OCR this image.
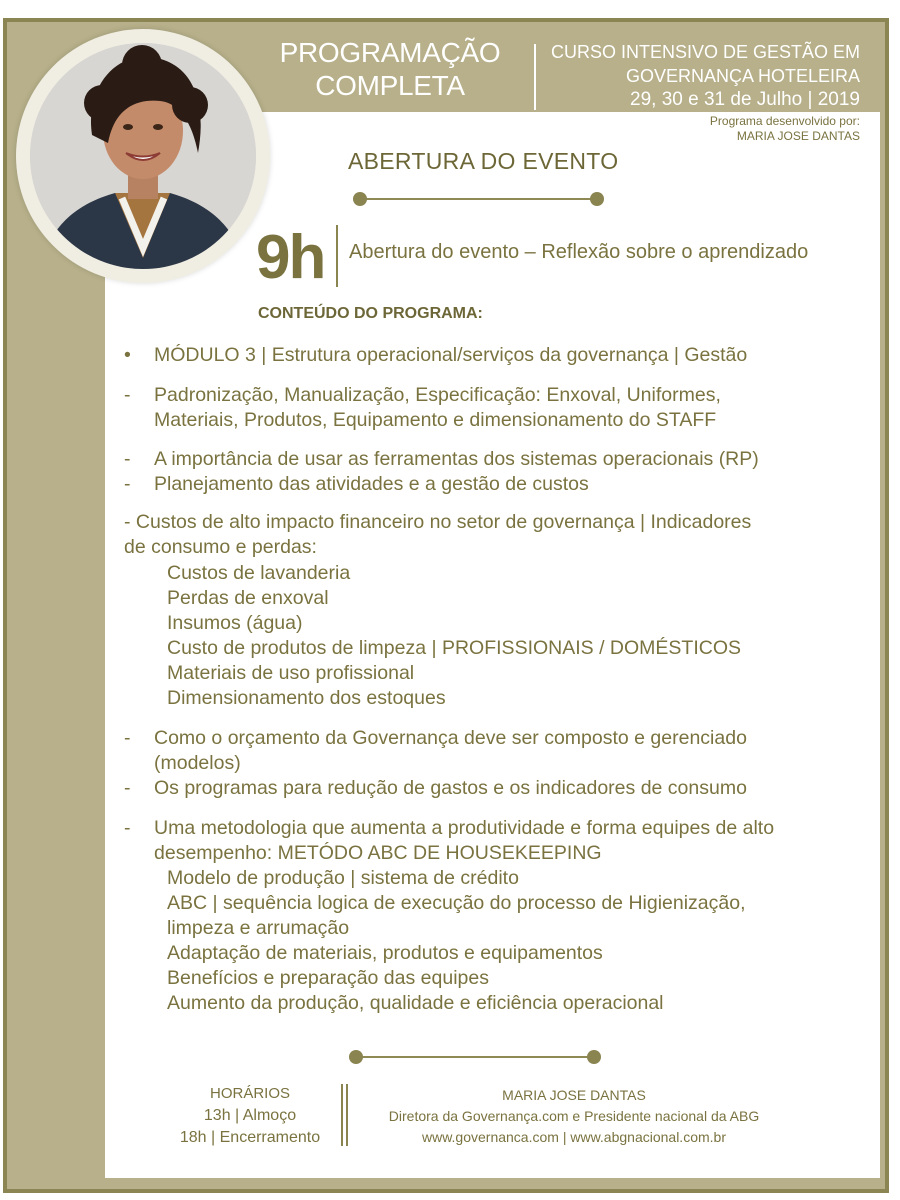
PROGRAMAÇÃO
COMPLETA
CURSO INTENSIVO DE GESTÃO EM
GOVERNANÇA HOTELEIRA
29, 30 e 31 de Julho | 2019
Programa desenvolvido por:
MARIA JOSE DANTAS
ABERTURA DO EVENTO
9h Abertura do evento – Reflexão sobre o aprendizado
CONTEÚDO DO PROGRAMA:
• MÓDULO 3 | Estrutura operacional/serviços da governança | Gestão
- Padronização, Manualização, Especificação: Enxoval, Uniformes,
Materiais, Produtos, Equipamento e dimensionamento do STAFF
- A importância de usar as ferramentas dos sistemas operacionais (RP)
- Planejamento das atividades e a gestão de custos
- Custos de alto impacto financeiro no setor de governança | Indicadores
de consumo e perdas:
Custos de lavanderia
Perdas de enxoval
Insumos (água)
Custo de produtos de limpeza | PROFISSIONAIS / DOMÉSTICOS
Materiais de uso profissional
Dimensionamento dos estoques
- Como o orçamento da Governança deve ser composto e gerenciado
(modelos)
- Os programas para redução de gastos e os indicadores de consumo
- Uma metodologia que aumenta a produtividade e forma equipes de alto
desempenho: METÓDO ABC DE HOUSEKEEPING
Modelo de produção | sistema de crédito
ABC | sequência logica de execução do processo de Higienização,
limpeza e arrumação
Adaptação de materiais, produtos e equipamentos
Benefícios e preparação das equipes
Aumento da produção, qualidade e eficiência operacional
HORÁRIOS
13h | Almoço
18h | Encerramento
MARIA JOSE DANTAS
Diretora da Governança.com e Presidente nacional da ABG
www.governanca.com | www.abgnacional.com.br
